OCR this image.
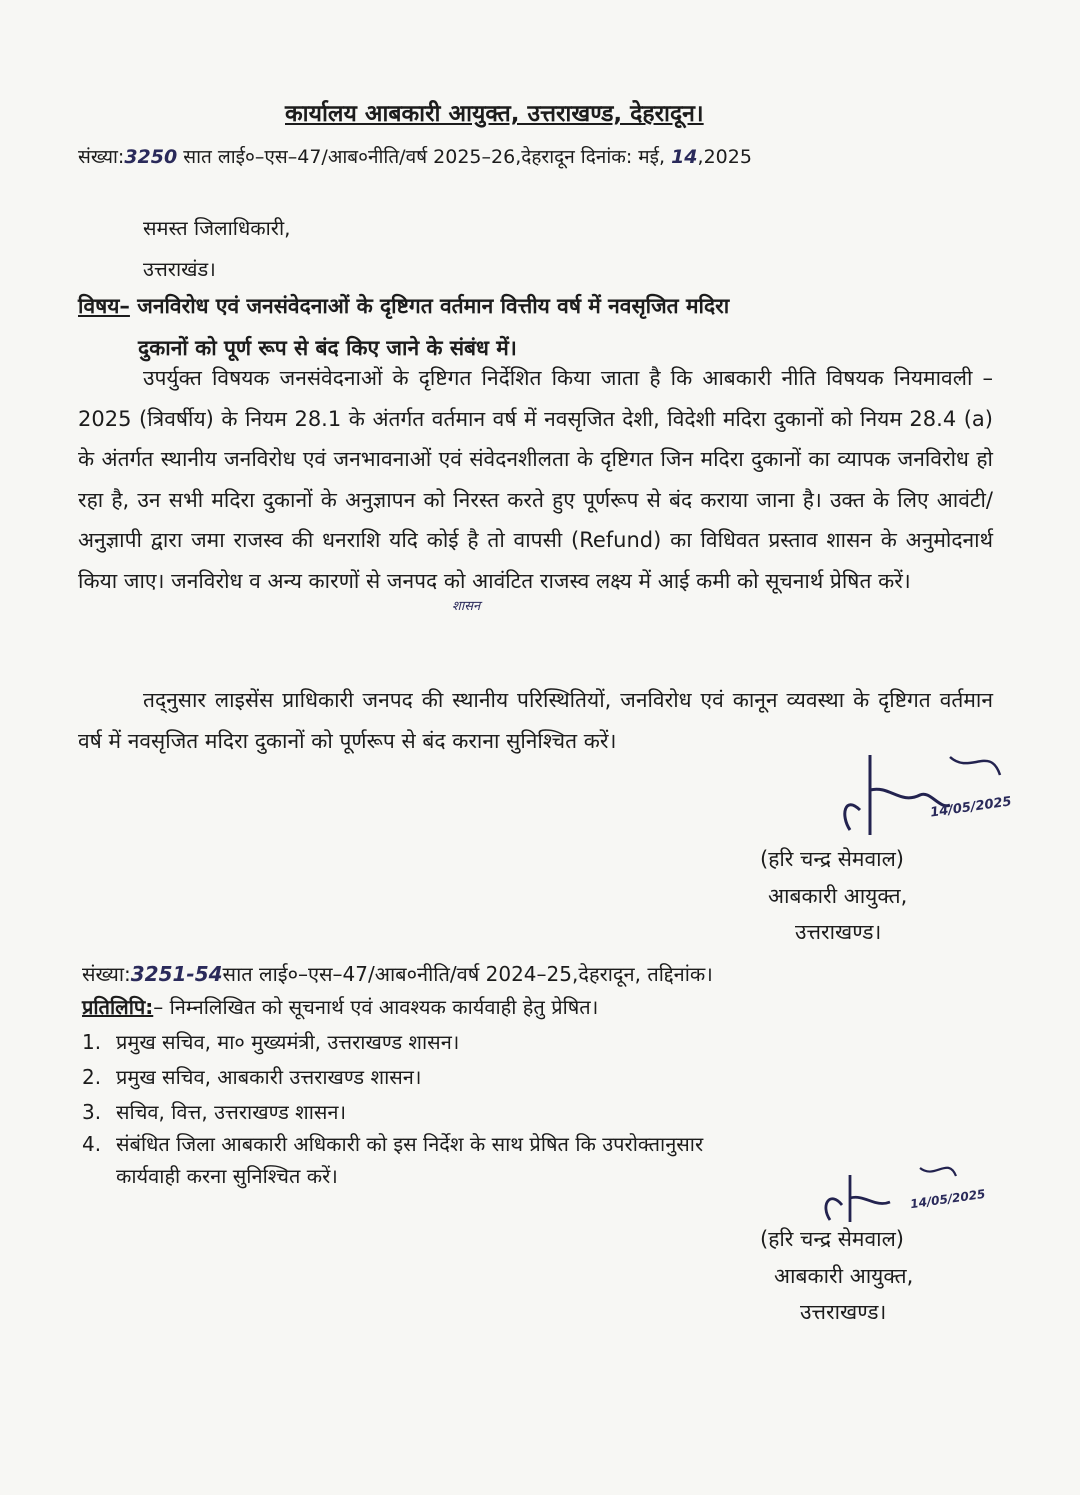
कार्यालय आबकारी आयुक्त, उत्तराखण्ड, देहरादून।
संख्या:3250 सात लाई०–एस–47/आब०नीति/वर्ष 2025–26,देहरादून दिनांक: मई, 14,2025
समस्त जिलाधिकारी,
उत्तराखंड।
विषय– जनविरोध एवं जनसंवेदनाओं के दृष्टिगत वर्तमान वित्तीय वर्ष में नवसृजित मदिरा
दुकानों को पूर्ण रूप से बंद किए जाने के संबंध में।
उपर्युक्त विषयक जनसंवेदनाओं के दृष्टिगत निर्देशित किया जाता है कि आबकारी नीति विषयक नियमावली – 2025 (त्रिवर्षीय) के नियम 28.1 के अंतर्गत वर्तमान वर्ष में नवसृजित देशी, विदेशी मदिरा दुकानों को नियम 28.4 (a) के अंतर्गत स्थानीय जनविरोध एवं जनभावनाओं एवं संवेदनशीलता के दृष्टिगत जिन मदिरा दुकानों का व्यापक जनविरोध हो रहा है, उन सभी मदिरा दुकानों के अनुज्ञापन को निरस्त करते हुए पूर्णरूप से बंद कराया जाना है। उक्त के लिए आवंटी/अनुज्ञापी द्वारा जमा राजस्व की धनराशि यदि कोई है तो वापसी (Refund) का विधिवत प्रस्ताव शासन के अनुमोदनार्थ किया जाए। जनविरोध व अन्य कारणों से जनपद को आवंटित राजस्व लक्ष्य में आई कमी को सूचनार्थ प्रेषित करें।
शासन
तद्नुसार लाइसेंस प्राधिकारी जनपद की स्थानीय परिस्थितियों, जनविरोध एवं कानून व्यवस्था के दृष्टिगत वर्तमान वर्ष में नवसृजित मदिरा दुकानों को पूर्णरूप से बंद कराना सुनिश्चित करें।
14/05/2025
(हरि चन्द्र सेमवाल)
आबकारी आयुक्त,
उत्तराखण्ड।
संख्या:3251-54सात लाई०–एस–47/आब०नीति/वर्ष 2024–25,देहरादून, तद्दिनांक।
प्रतिलिपि:– निम्नलिखित को सूचनार्थ एवं आवश्यक कार्यवाही हेतु प्रेषित।
1. प्रमुख सचिव, मा० मुख्यमंत्री, उत्तराखण्ड शासन।
2. प्रमुख सचिव, आबकारी उत्तराखण्ड शासन।
3. सचिव, वित्त, उत्तराखण्ड शासन।
4. संबंधित जिला आबकारी अधिकारी को इस निर्देश के साथ प्रेषित कि उपरोक्तानुसार
कार्यवाही करना सुनिश्चित करें।
14/05/2025
(हरि चन्द्र सेमवाल)
आबकारी आयुक्त,
उत्तराखण्ड।
